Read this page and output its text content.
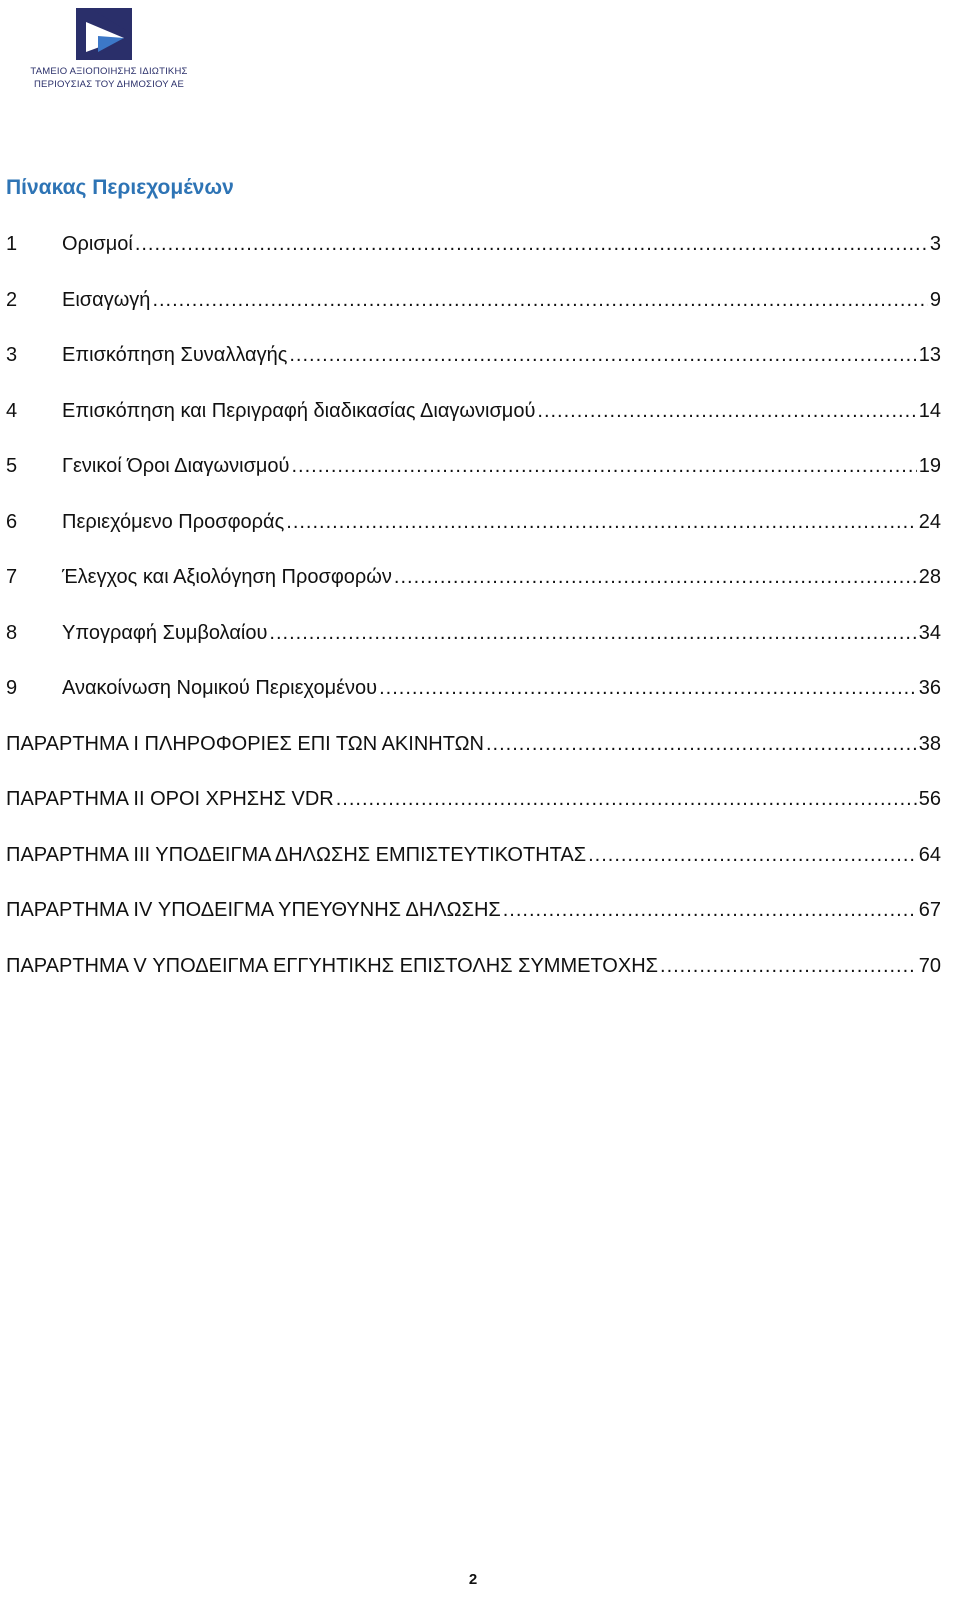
ΤΑΜΕΙΟ ΑΞΙΟΠΟΙΗΣΗΣ ΙΔΙΩΤΙΚΗΣ
ΠΕΡΙΟΥΣΙΑΣ ΤΟΥ ΔΗΜΟΣΙΟΥ ΑΕ
Πίνακας Περιεχομένων
1	Ορισμοί .....	3
2	Εισαγωγή .....	9
3	Επισκόπηση Συναλλαγής .....	13
4	Επισκόπηση και Περιγραφή διαδικασίας Διαγωνισμού .....	14
5	Γενικοί Όροι Διαγωνισμού .....	19
6	Περιεχόμενο Προσφοράς .....	24
7	Έλεγχος και Αξιολόγηση Προσφορών .....	28
8	Υπογραφή Συμβολαίου .....	34
9	Ανακοίνωση Νομικού Περιεχομένου .....	36
ΠΑΡΑΡΤΗΜΑ Ι ΠΛΗΡΟΦΟΡΙΕΣ ΕΠΙ ΤΩΝ ΑΚΙΝΗΤΩΝ .....	38
ΠΑΡΑΡΤΗΜΑ ΙΙ ΟΡΟΙ ΧΡΗΣΗΣ VDR .....	56
ΠΑΡΑΡΤΗΜΑ ΙΙΙ ΥΠΟΔΕΙΓΜΑ ΔΗΛΩΣΗΣ ΕΜΠΙΣΤΕΥΤΙΚΟΤΗΤΑΣ .....	64
ΠΑΡΑΡΤΗΜΑ IV ΥΠΟΔΕΙΓΜΑ ΥΠΕΥΘΥΝΗΣ ΔΗΛΩΣΗΣ .....	67
ΠΑΡΑΡΤΗΜΑ V ΥΠΟΔΕΙΓΜΑ ΕΓΓΥΗΤΙΚΗΣ ΕΠΙΣΤΟΛΗΣ ΣΥΜΜΕΤΟΧΗΣ .....	70
2
